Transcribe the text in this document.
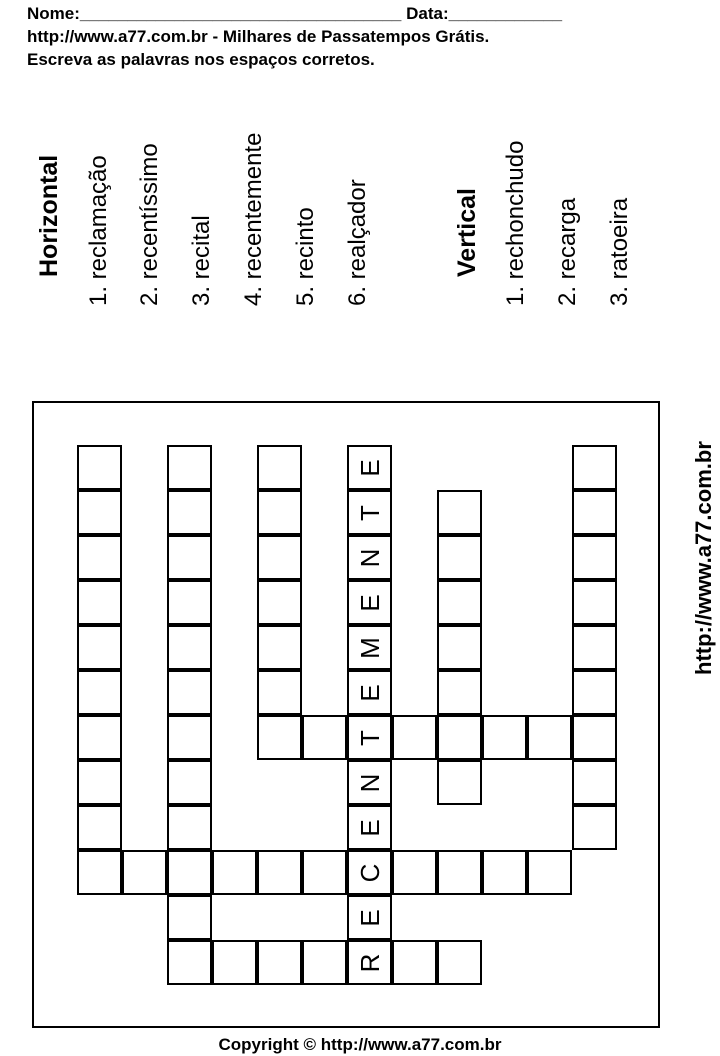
Nome:__________________________________ Data:____________
http://www.a77.com.br - Milhares de Passatempos Grátis.
Escreva as palavras nos espaços corretos.
Horizontal 1. reclamação 2. recentíssimo 3. recital 4. recentemente 5. recinto 6. realçador	Vertical 1. rechonchudo 2. recarga 3. ratoeira
http://www.a77.com.br
E
T
N
E
M
E
T
N
E
C
E
R
Copyright © http://www.a77.com.br
